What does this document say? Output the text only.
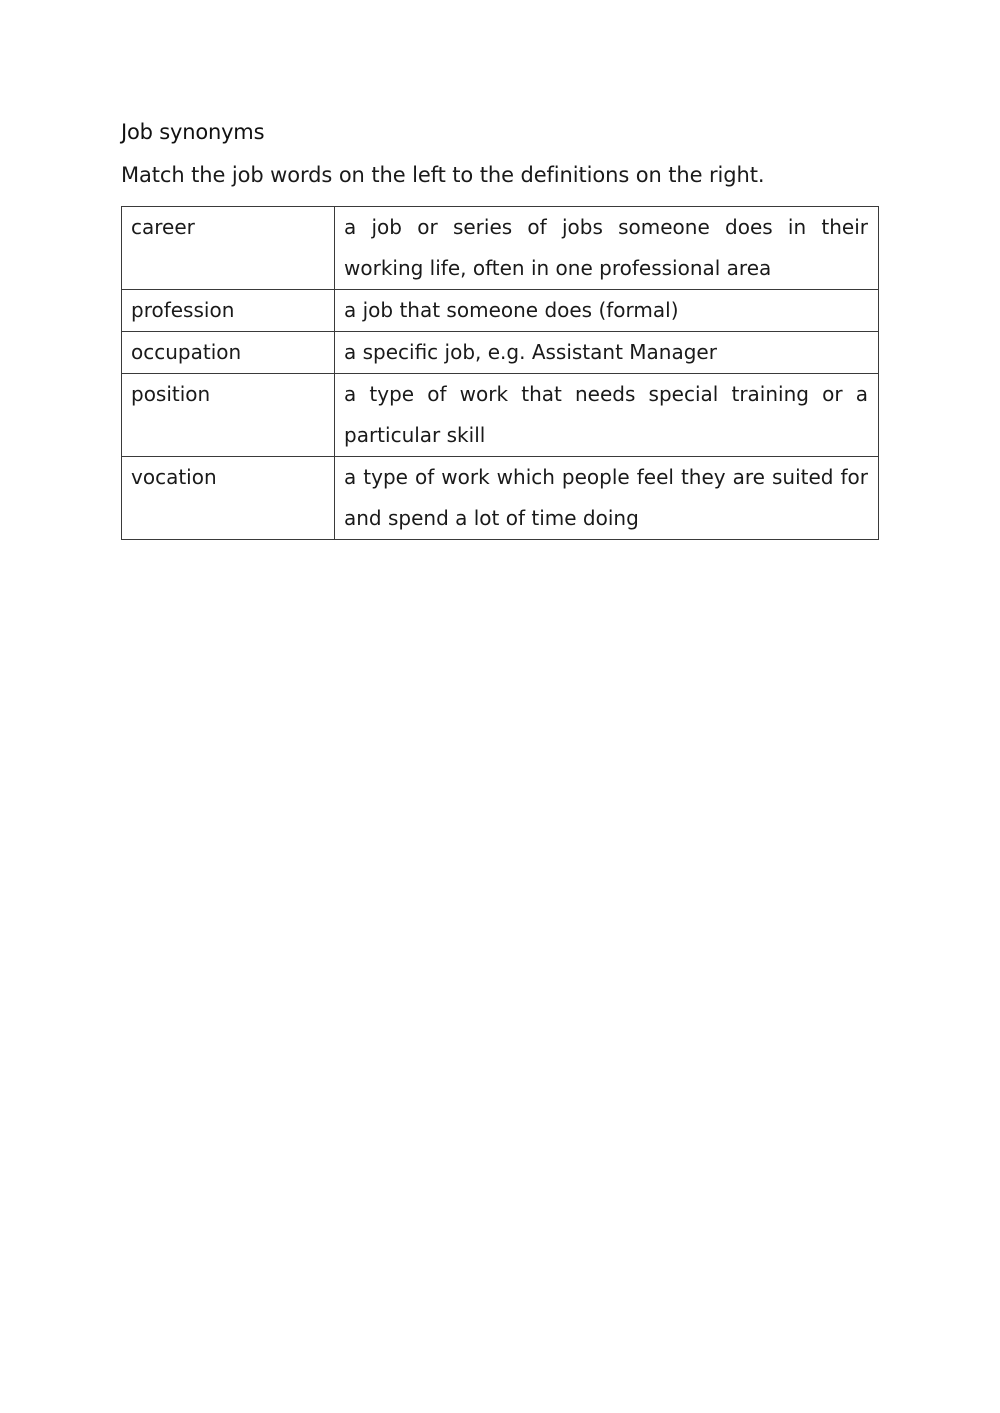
Job synonyms

Match the job words on the left to the definitions on the right.

career	a job or series of jobs someone does in their working life, often in one professional area
profession	a job that someone does (formal)
occupation	a specific job, e.g. Assistant Manager
position	a type of work that needs special training or a particular skill
vocation	a type of work which people feel they are suited for and spend a lot of time doing
